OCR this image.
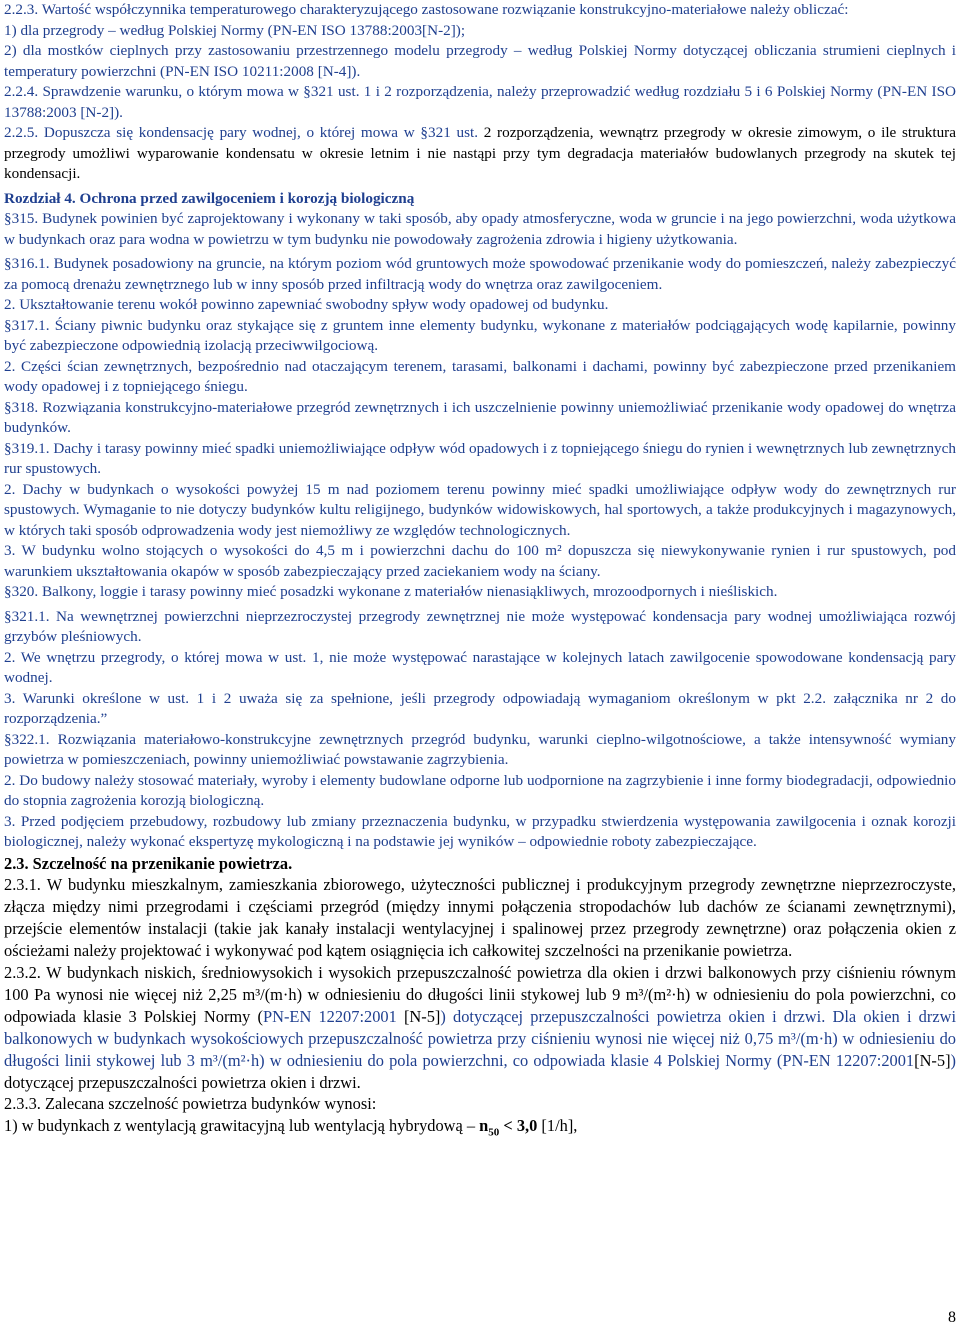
2.2.3. Wartość współczynnika temperaturowego charakteryzującego zastosowane rozwiązanie konstrukcyjno-materiałowe należy obliczać:
1) dla przegrody – według Polskiej Normy (PN-EN ISO 13788:2003[N-2]);
2) dla mostków cieplnych przy zastosowaniu przestrzennego modelu przegrody – według Polskiej Normy dotyczącej obliczania strumieni cieplnych i temperatury powierzchni (PN-EN ISO 10211:2008 [N-4]).

2.2.4. Sprawdzenie warunku, o którym mowa w §321 ust. 1 i 2 rozporządzenia, należy przeprowadzić według rozdziału 5 i 6 Polskiej Normy (PN-EN ISO 13788:2003 [N-2]).

2.2.5. Dopuszcza się kondensację pary wodnej, o której mowa w §321 ust. 2 rozporządzenia, wewnątrz przegrody w okresie zimowym, o ile struktura przegrody umożliwi wyparowanie kondensatu w okresie letnim i nie nastąpi przy tym degradacja materiałów budowlanych przegrody na skutek tej kondensacji.

Rozdział 4. Ochrona przed zawilgoceniem i korozją biologiczną

§315. Budynek powinien być zaprojektowany i wykonany w taki sposób, aby opady atmosferyczne, woda w gruncie i na jego powierzchni, woda użytkowa w budynkach oraz para wodna w powietrzu w tym budynku nie powodowały zagrożenia zdrowia i higieny użytkowania.

§316.1. Budynek posadowiony na gruncie, na którym poziom wód gruntowych może spowodować przenikanie wody do pomieszczeń, należy zabezpieczyć za pomocą drenażu zewnętrznego lub w inny sposób przed infiltracją wody do wnętrza oraz zawilgoceniem.

2. Ukształtowanie terenu wokół powinno zapewniać swobodny spływ wody opadowej od budynku.

§317.1. Ściany piwnic budynku oraz stykające się z gruntem inne elementy budynku, wykonane z materiałów podciągających wodę kapilarnie, powinny być zabezpieczone odpowiednią izolacją przeciwwilgociową.

2. Części ścian zewnętrznych, bezpośrednio nad otaczającym terenem, tarasami, balkonami i dachami, powinny być zabezpieczone przed przenikaniem wody opadowej i z topniejącego śniegu.

§318. Rozwiązania konstrukcyjno-materiałowe przegród zewnętrznych i ich uszczelnienie powinny uniemożliwiać przenikanie wody opadowej do wnętrza budynków.

§319.1. Dachy i tarasy powinny mieć spadki uniemożliwiające odpływ wód opadowych i z topniejącego śniegu do rynien i wewnętrznych lub zewnętrznych rur spustowych.

2. Dachy w budynkach o wysokości powyżej 15 m nad poziomem terenu powinny mieć spadki umożliwiające odpływ wody do zewnętrznych rur spustowych. Wymaganie to nie dotyczy budynków kultu religijnego, budynków widowiskowych, hal sportowych, a także produkcyjnych i magazynowych, w których taki sposób odprowadzenia wody jest niemożliwy ze względów technologicznych.

3. W budynku wolno stojących o wysokości do 4,5 m i powierzchni dachu do 100 m² dopuszcza się niewykonywanie rynien i rur spustowych, pod warunkiem ukształtowania okapów w sposób zabezpieczający przed zaciekaniem wody na ściany.

§320. Balkony, loggie i tarasy powinny mieć posadzki wykonane z materiałów nienasiąkliwych, mrozoodpornych i nieśliskich.

§321.1. Na wewnętrznej powierzchni nieprzezroczystej przegrody zewnętrznej nie może występować kondensacja pary wodnej umożliwiająca rozwój grzybów pleśniowych.

2. We wnętrzu przegrody, o której mowa w ust. 1, nie może występować narastające w kolejnych latach zawilgocenie spowodowane kondensacją pary wodnej.

3. Warunki określone w ust. 1 i 2 uważa się za spełnione, jeśli przegrody odpowiadają wymaganiom określonym w pkt 2.2. załącznika nr 2 do rozporządzenia.”

§322.1. Rozwiązania materiałowo-konstrukcyjne zewnętrznych przegród budynku, warunki cieplno-wilgotnościowe, a także intensywność wymiany powietrza w pomieszczeniach, powinny uniemożliwiać powstawanie zagrzybienia.

2. Do budowy należy stosować materiały, wyroby i elementy budowlane odporne lub uodpornione na zagrzybienie i inne formy biodegradacji, odpowiednio do stopnia zagrożenia korozją biologiczną.

3. Przed podjęciem przebudowy, rozbudowy lub zmiany przeznaczenia budynku, w przypadku stwierdzenia występowania zawilgocenia i oznak korozji biologicznej, należy wykonać ekspertyzę mykologiczną i na podstawie jej wyników – odpowiednie roboty zabezpieczające.

2.3. Szczelność na przenikanie powietrza.

2.3.1. W budynku mieszkalnym, zamieszkania zbiorowego, użyteczności publicznej i produkcyjnym przegrody zewnętrzne nieprzezroczyste, złącza między nimi przegrodami i częściami przegród (między innymi połączenia stropodachów lub dachów ze ścianami zewnętrznymi), przejście elementów instalacji (takie jak kanały instalacji wentylacyjnej i spalinowej przez przegrody zewnętrzne) oraz połączenia okien z ościeżami należy projektować i wykonywać pod kątem osiągnięcia ich całkowitej szczelności na przenikanie powietrza.

2.3.2. W budynkach niskich, średniowysokich i wysokich przepuszczalność powietrza dla okien i drzwi balkonowych przy ciśnieniu równym 100 Pa wynosi nie więcej niż 2,25 m³/(m·h) w odniesieniu do długości linii stykowej lub 9 m³/(m²·h) w odniesieniu do pola powierzchni, co odpowiada klasie 3 Polskiej Normy (PN-EN 12207:2001 [N-5]) dotyczącej przepuszczalności powietrza okien i drzwi. Dla okien i drzwi balkonowych w budynkach wysokościowych przepuszczalność powietrza przy ciśnieniu wynosi nie więcej niż 0,75 m³/(m·h) w odniesieniu do długości linii stykowej lub 3 m³/(m²·h) w odniesieniu do pola powierzchni, co odpowiada klasie 4 Polskiej Normy (PN-EN 12207:2001[N-5]) dotyczącej przepuszczalności powietrza okien i drzwi.

2.3.3. Zalecana szczelność powietrza budynków wynosi:

1) w budynkach z wentylacją grawitacyjną lub wentylacją hybrydową – $n_{50} < 3,0$ [1/h],

8
